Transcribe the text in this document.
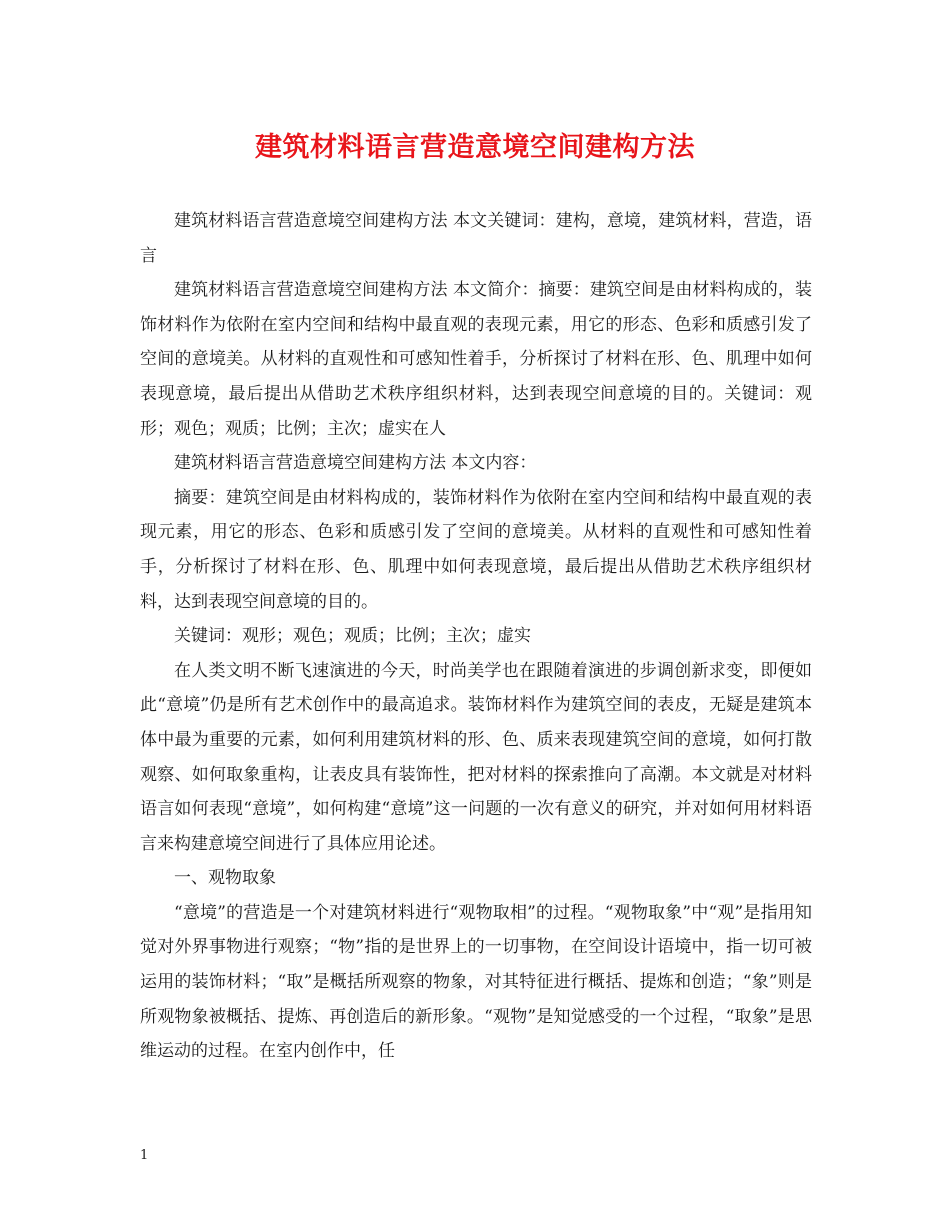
建筑材料语言营造意境空间建构方法

建筑材料语言营造意境空间建构方法 本文关键词：建构，意境，建筑材料，营造，语言

建筑材料语言营造意境空间建构方法 本文简介：摘要：建筑空间是由材料构成的，装饰材料作为依附在室内空间和结构中最直观的表现元素，用它的形态、色彩和质感引发了空间的意境美。从材料的直观性和可感知性着手，分析探讨了材料在形、色、肌理中如何表现意境，最后提出从借助艺术秩序组织材料，达到表现空间意境的目的。关键词：观形；观色；观质；比例；主次；虚实在人

建筑材料语言营造意境空间建构方法 本文内容：

摘要：建筑空间是由材料构成的，装饰材料作为依附在室内空间和结构中最直观的表现元素，用它的形态、色彩和质感引发了空间的意境美。从材料的直观性和可感知性着手，分析探讨了材料在形、色、肌理中如何表现意境，最后提出从借助艺术秩序组织材料，达到表现空间意境的目的。

关键词：观形；观色；观质；比例；主次；虚实

在人类文明不断飞速演进的今天，时尚美学也在跟随着演进的步调创新求变，即便如此“意境”仍是所有艺术创作中的最高追求。装饰材料作为建筑空间的表皮，无疑是建筑本体中最为重要的元素，如何利用建筑材料的形、色、质来表现建筑空间的意境，如何打散观察、如何取象重构，让表皮具有装饰性，把对材料的探索推向了高潮。本文就是对材料语言如何表现“意境”，如何构建“意境”这一问题的一次有意义的研究，并对如何用材料语言来构建意境空间进行了具体应用论述。

一、观物取象

“意境”的营造是一个对建筑材料进行“观物取相”的过程。“观物取象”中“观”是指用知觉对外界事物进行观察；“物”指的是世界上的一切事物，在空间设计语境中，指一切可被运用的装饰材料；“取”是概括所观察的物象，对其特征进行概括、提炼和创造；“象”则是所观物象被概括、提炼、再创造后的新形象。“观物”是知觉感受的一个过程，“取象”是思维运动的过程。在室内创作中，任

1
